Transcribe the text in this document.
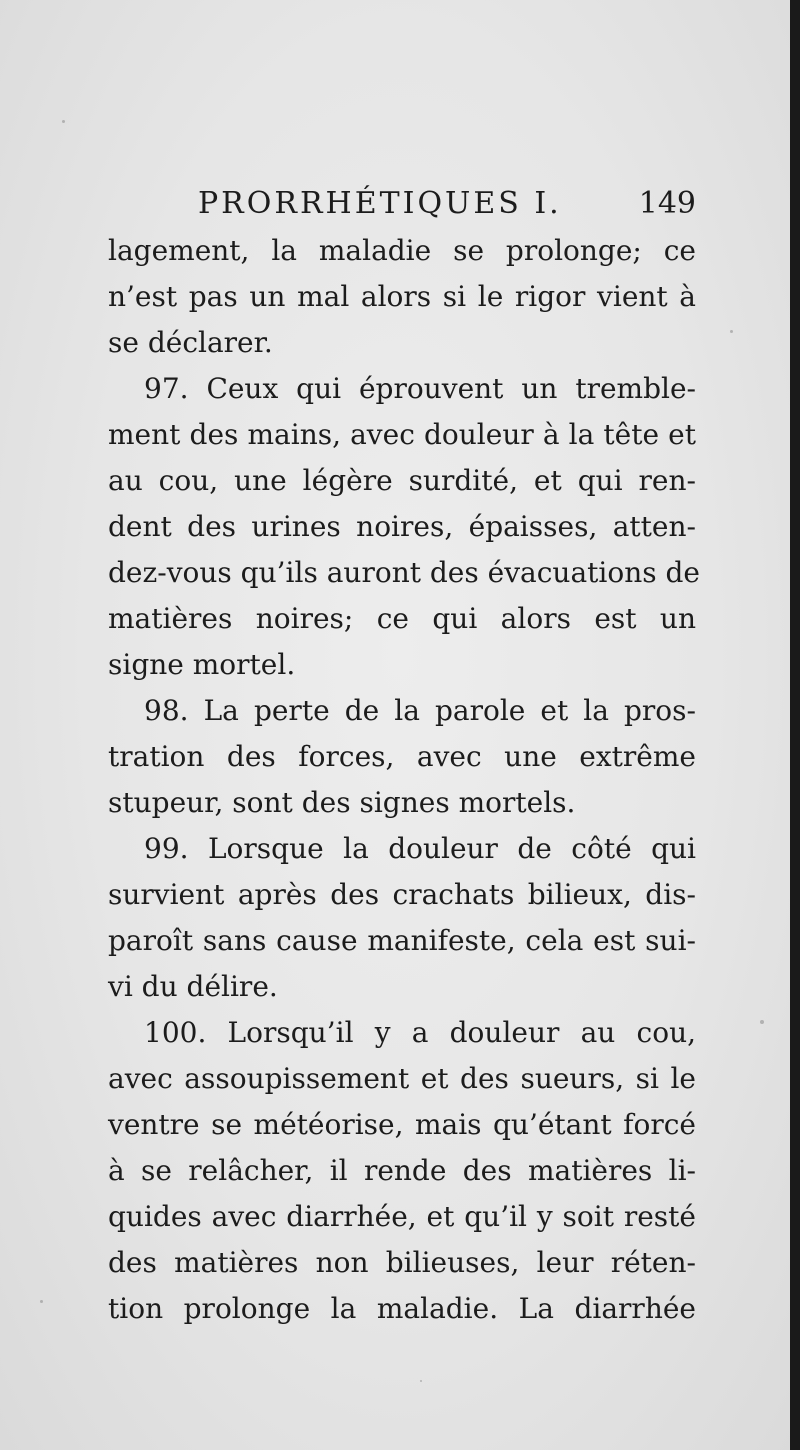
PRORRHÉTIQUES I.	149
lagement, la maladie se prolonge; ce
n’est pas un mal alors si le rigor vient à
se déclarer.
97. Ceux qui éprouvent un tremble-
ment des mains, avec douleur à la tête et
au cou, une légère surdité, et qui ren-
dent des urines noires, épaisses, atten-
dez-vous qu’ils auront des évacuations de
matières noires; ce qui alors est un
signe mortel.
98. La perte de la parole et la pros-
tration des forces, avec une extrême
stupeur, sont des signes mortels.
99. Lorsque la douleur de côté qui
survient après des crachats bilieux, dis-
paroît sans cause manifeste, cela est sui-
vi du délire.
100. Lorsqu’il y a douleur au cou,
avec assoupissement et des sueurs, si le
ventre se météorise, mais qu’étant forcé
à se relâcher, il rende des matières li-
quides avec diarrhée, et qu’il y soit resté
des matières non bilieuses, leur réten-
tion prolonge la maladie. La diarrhée
